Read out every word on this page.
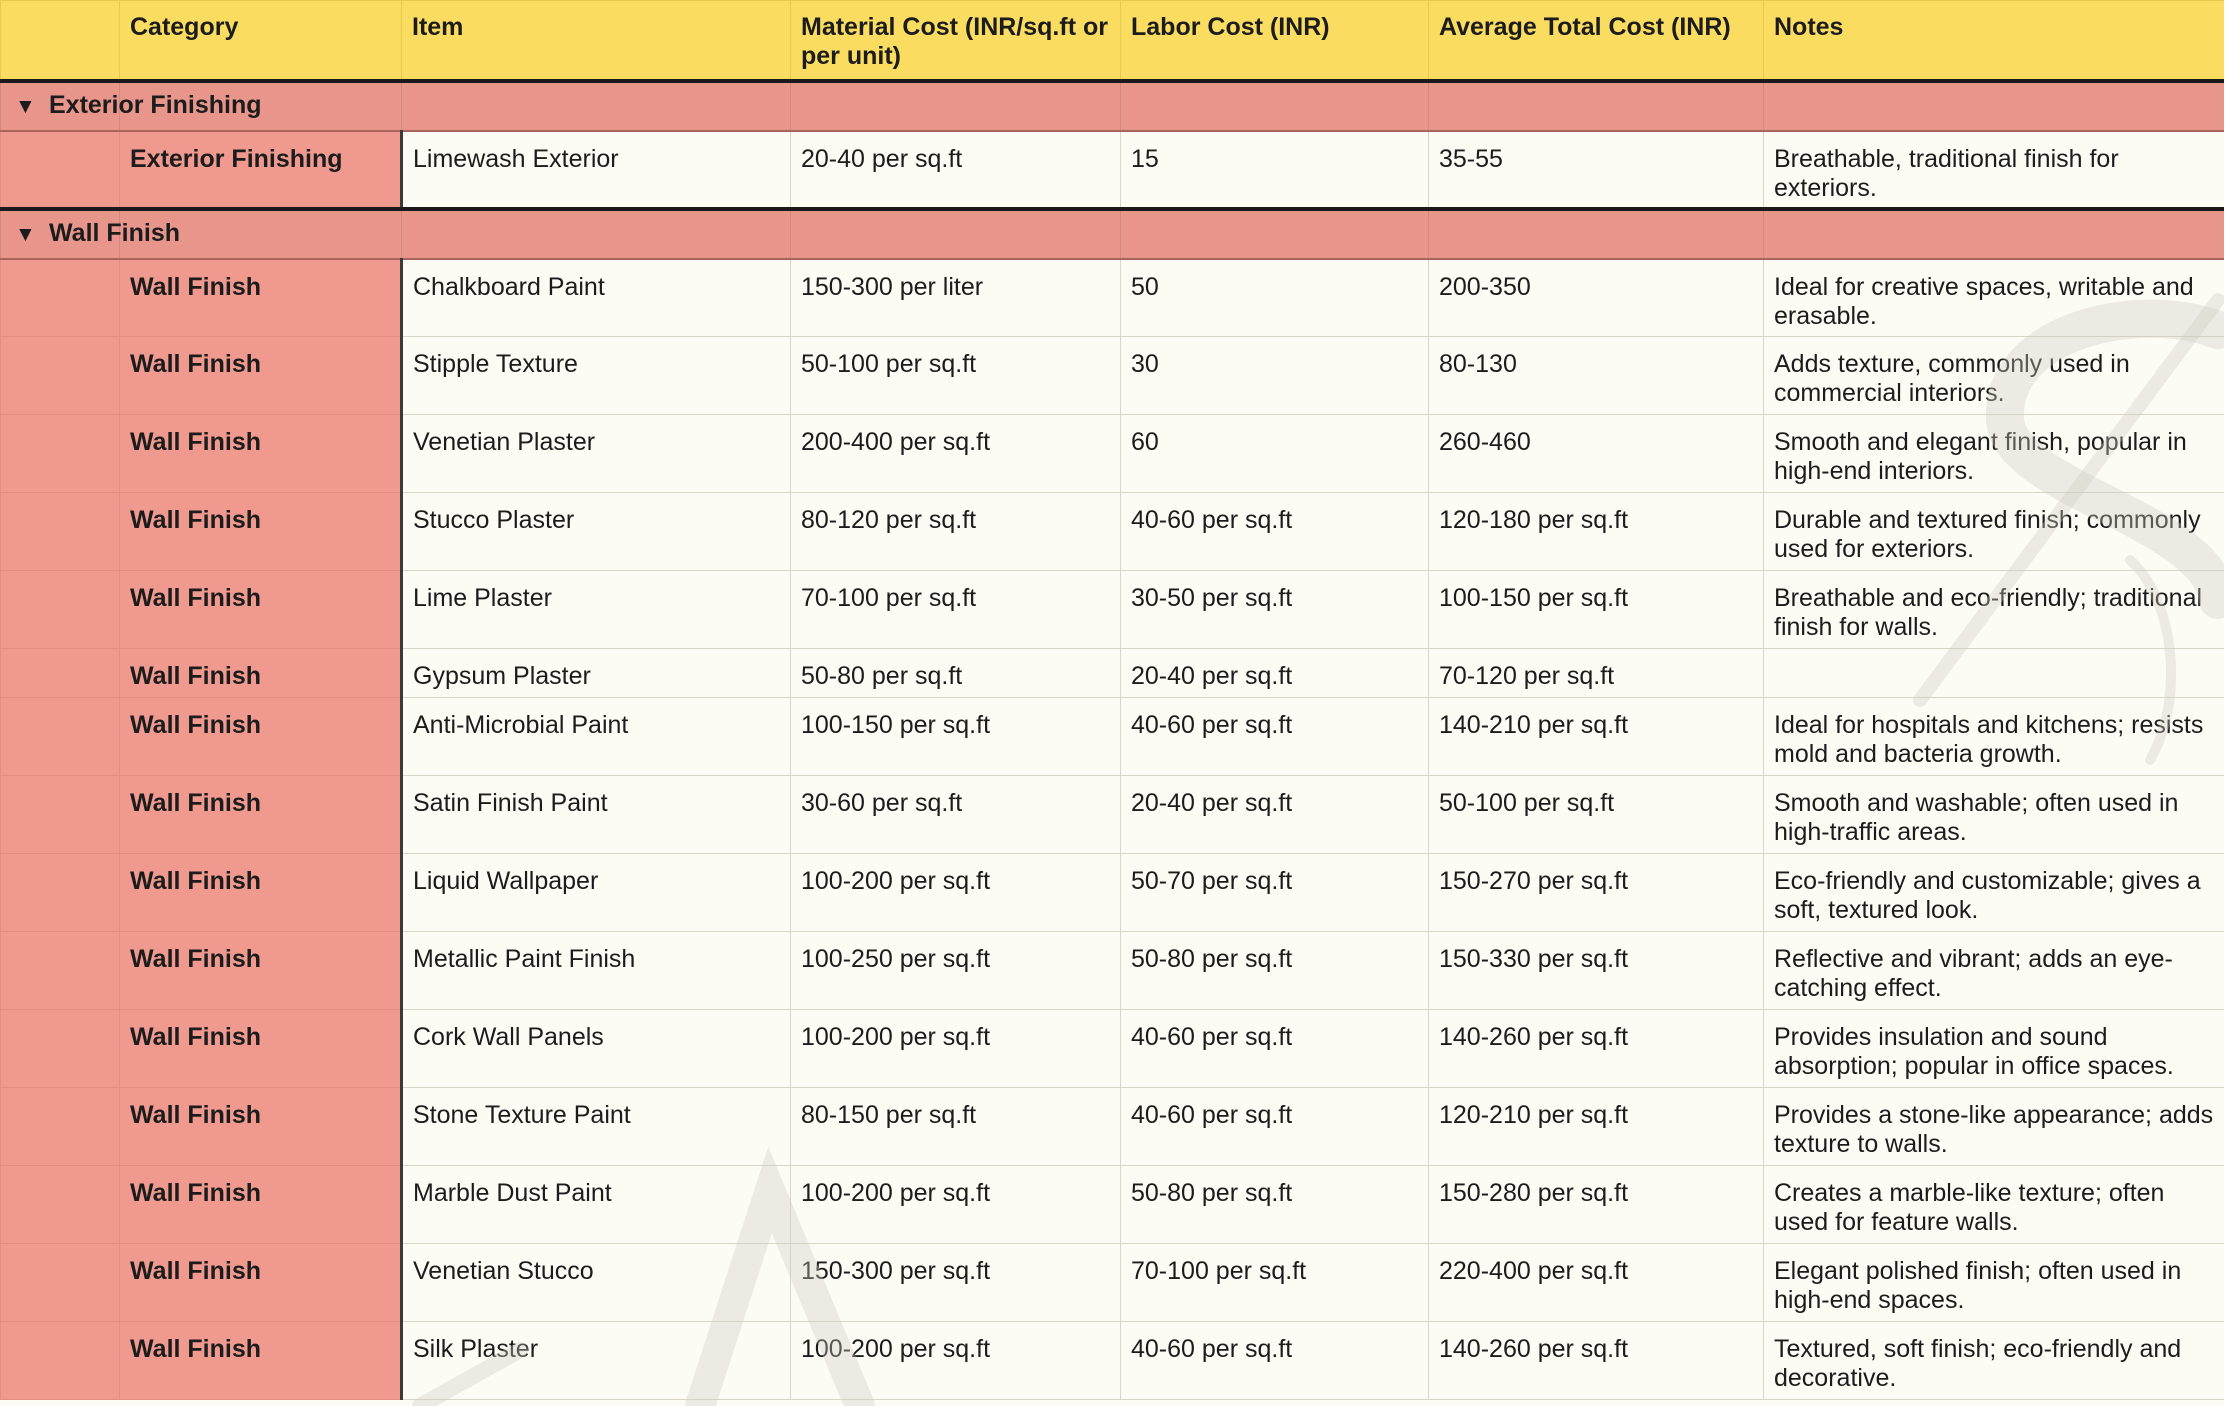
	Category	Item	Material Cost (INR/sq.ft or per unit)	Labor Cost (INR)	Average Total Cost (INR)	Notes
▼ Exterior Finishing						
	Exterior Finishing	Limewash Exterior	20-40 per sq.ft	15	35-55	Breathable, traditional finish for exteriors.
▼ Wall Finish						
	Wall Finish	Chalkboard Paint	150-300 per liter	50	200-350	Ideal for creative spaces, writable and erasable.
	Wall Finish	Stipple Texture	50-100 per sq.ft	30	80-130	Adds texture, commonly used in commercial interiors.
	Wall Finish	Venetian Plaster	200-400 per sq.ft	60	260-460	Smooth and elegant finish, popular in high-end interiors.
	Wall Finish	Stucco Plaster	80-120 per sq.ft	40-60 per sq.ft	120-180 per sq.ft	Durable and textured finish; commonly used for exteriors.
	Wall Finish	Lime Plaster	70-100 per sq.ft	30-50 per sq.ft	100-150 per sq.ft	Breathable and eco-friendly; traditional finish for walls.
	Wall Finish	Gypsum Plaster	50-80 per sq.ft	20-40 per sq.ft	70-120 per sq.ft	
	Wall Finish	Anti-Microbial Paint	100-150 per sq.ft	40-60 per sq.ft	140-210 per sq.ft	Ideal for hospitals and kitchens; resists mold and bacteria growth.
	Wall Finish	Satin Finish Paint	30-60 per sq.ft	20-40 per sq.ft	50-100 per sq.ft	Smooth and washable; often used in high-traffic areas.
	Wall Finish	Liquid Wallpaper	100-200 per sq.ft	50-70 per sq.ft	150-270 per sq.ft	Eco-friendly and customizable; gives a soft, textured look.
	Wall Finish	Metallic Paint Finish	100-250 per sq.ft	50-80 per sq.ft	150-330 per sq.ft	Reflective and vibrant; adds an eye-catching effect.
	Wall Finish	Cork Wall Panels	100-200 per sq.ft	40-60 per sq.ft	140-260 per sq.ft	Provides insulation and sound absorption; popular in office spaces.
	Wall Finish	Stone Texture Paint	80-150 per sq.ft	40-60 per sq.ft	120-210 per sq.ft	Provides a stone-like appearance; adds texture to walls.
	Wall Finish	Marble Dust Paint	100-200 per sq.ft	50-80 per sq.ft	150-280 per sq.ft	Creates a marble-like texture; often used for feature walls.
	Wall Finish	Venetian Stucco	150-300 per sq.ft	70-100 per sq.ft	220-400 per sq.ft	Elegant polished finish; often used in high-end spaces.
	Wall Finish	Silk Plaster	100-200 per sq.ft	40-60 per sq.ft	140-260 per sq.ft	Textured, soft finish; eco-friendly and decorative.
